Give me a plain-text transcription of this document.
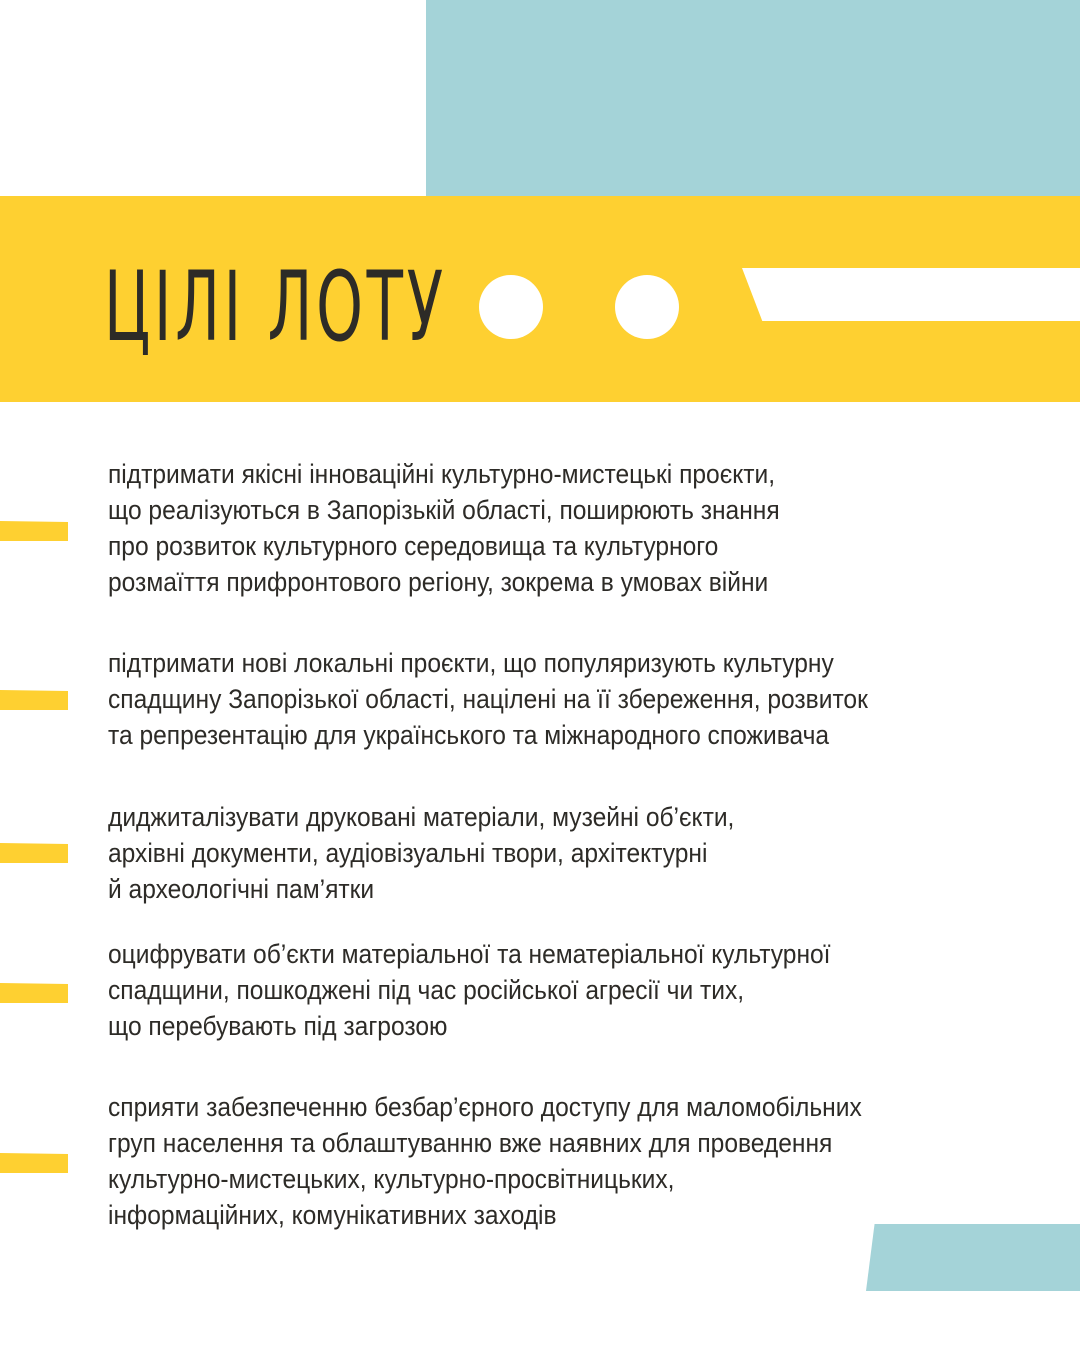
ЦІЛІ ЛОТУ
підтримати якісні інноваційні культурно-мистецькі проєкти,
що реалізуються в Запорізькій області, поширюють знання
про розвиток культурного середовища та культурного
розмаїття прифронтового регіону, зокрема в умовах війни
підтримати нові локальні проєкти, що популяризують культурну
спадщину Запорізької області, націлені на її збереження, розвиток
та репрезентацію для українського та міжнародного споживача
диджиталізувати друковані матеріали, музейні об’єкти,
архівні документи, аудіовізуальні твори, архітектурні
й археологічні пам’ятки
оцифрувати об’єкти матеріальної та нематеріальної культурної
спадщини, пошкоджені під час російської агресії чи тих,
що перебувають під загрозою
сприяти забезпеченню безбар’єрного доступу для маломобільних
груп населення та облаштуванню вже наявних для проведення
культурно-мистецьких, культурно-просвітницьких,
інформаційних, комунікативних заходів
